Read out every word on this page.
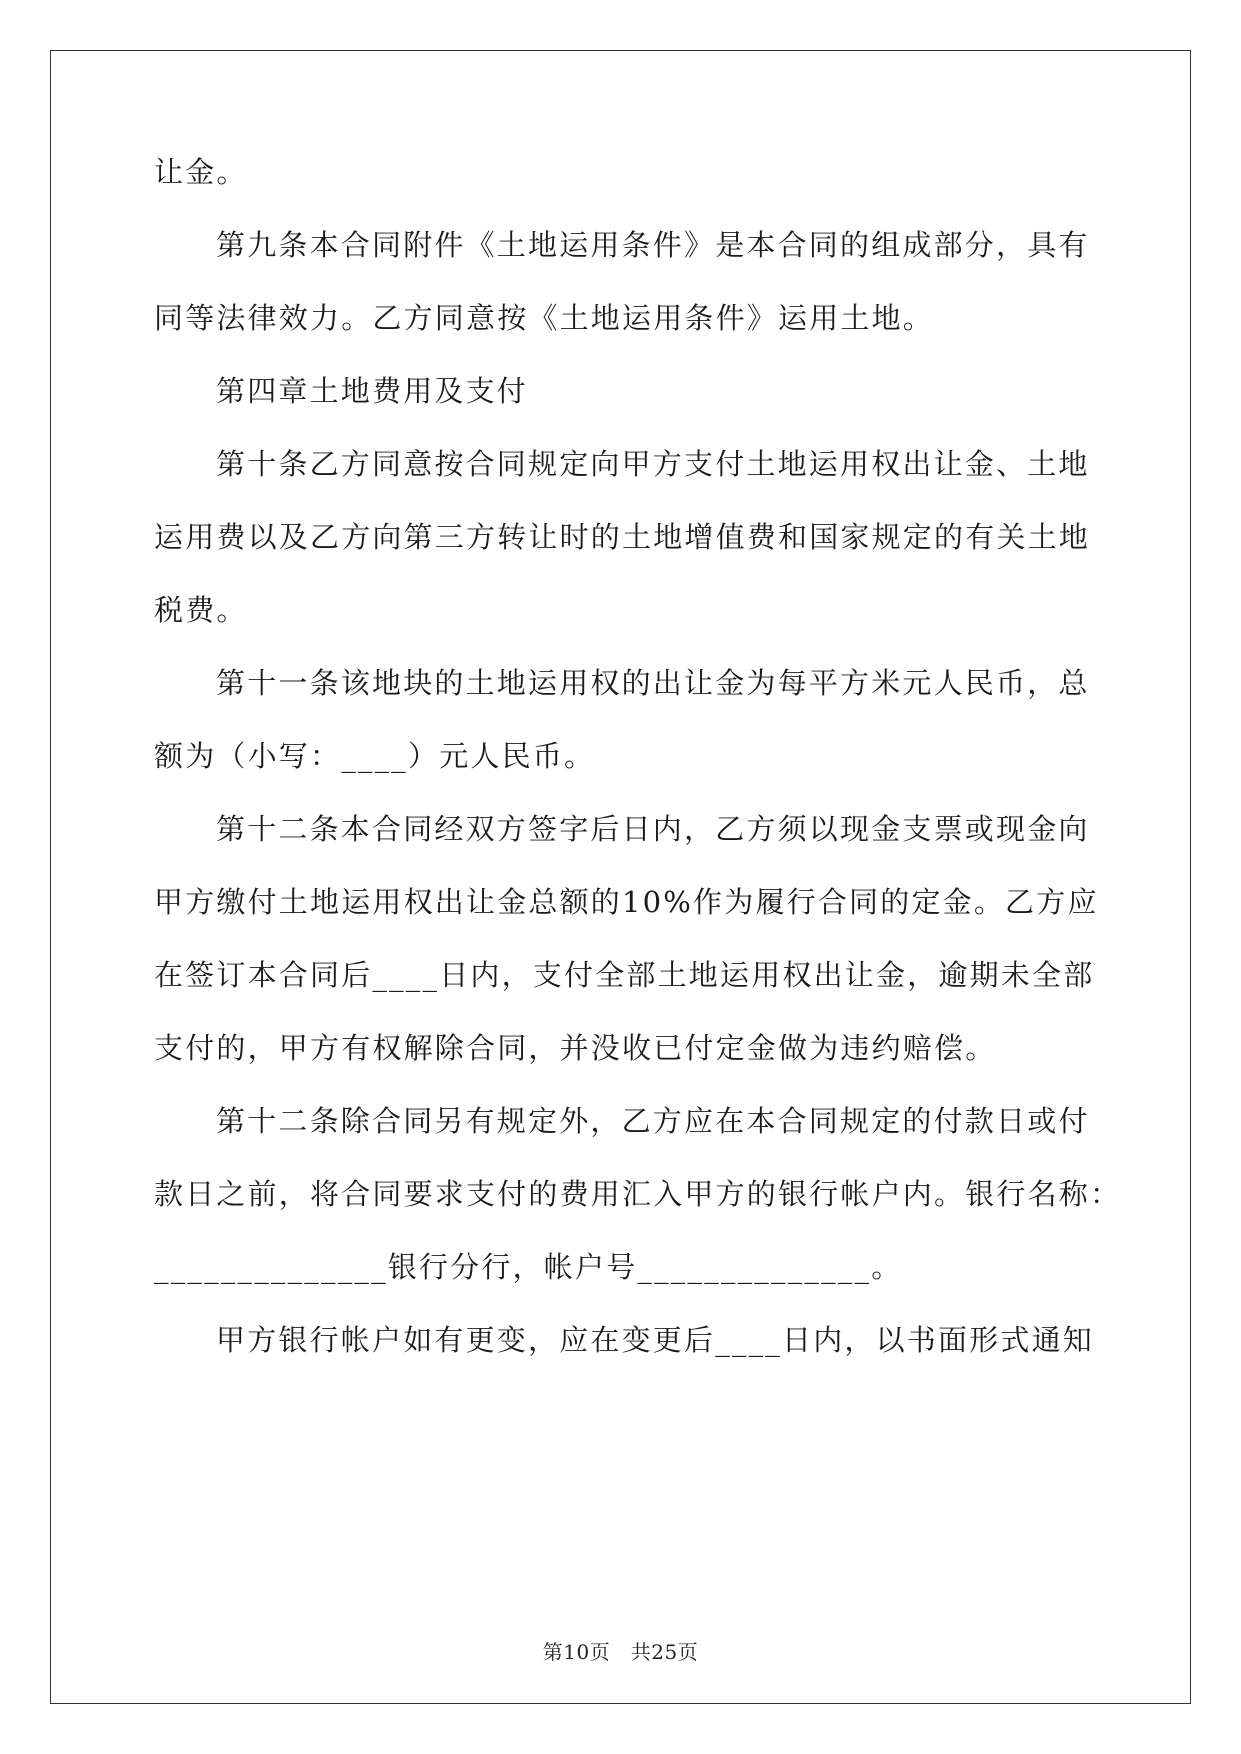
让金。
第九条本合同附件《土地运用条件》是本合同的组成部分，具有
同等法律效力。乙方同意按《土地运用条件》运用土地。
第四章土地费用及支付
第十条乙方同意按合同规定向甲方支付土地运用权出让金、土地
运用费以及乙方向第三方转让时的土地增值费和国家规定的有关土地
税费。
第十一条该地块的土地运用权的出让金为每平方米元人民币，总
额为（小写：____）元人民币。
第十二条本合同经双方签字后日内，乙方须以现金支票或现金向
甲方缴付土地运用权出让金总额的10%作为履行合同的定金。乙方应
在签订本合同后____日内，支付全部土地运用权出让金，逾期未全部
支付的，甲方有权解除合同，并没收已付定金做为违约赔偿。
第十二条除合同另有规定外，乙方应在本合同规定的付款日或付
款日之前，将合同要求支付的费用汇入甲方的银行帐户内。银行名称：
______________银行分行，帐户号______________。
甲方银行帐户如有更变，应在变更后____日内，以书面形式通知
第10页　共25页
